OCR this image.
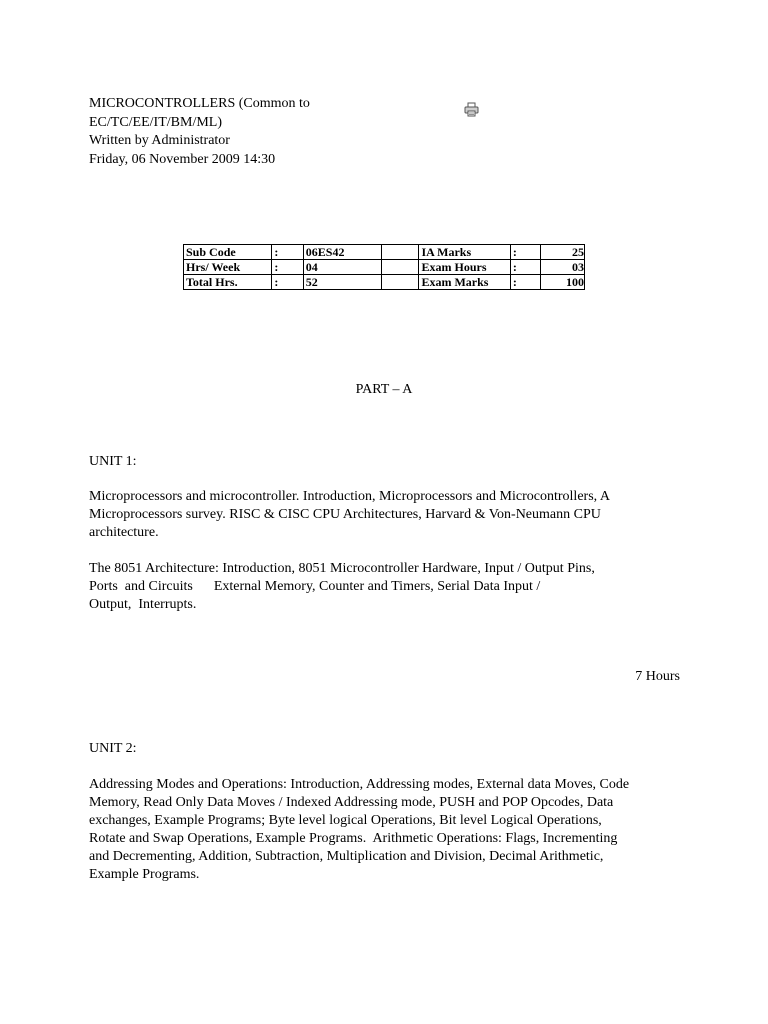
MICROCONTROLLERS (Common to
EC/TC/EE/IT/BM/ML)
Written by Administrator
Friday, 06 November 2009 14:30
Sub Code	:	06ES42		IA Marks	:	25
Hrs/ Week	:	04		Exam Hours	:	03
Total Hrs.	:	52		Exam Marks	:	100
PART – A
UNIT 1:
Microprocessors and microcontroller. Introduction, Microprocessors and Microcontrollers, A
Microprocessors survey. RISC & CISC CPU Architectures, Harvard & Von-Neumann CPU
architecture.
The 8051 Architecture: Introduction, 8051 Microcontroller Hardware, Input / Output Pins,
Ports  and Circuits      External Memory, Counter and Timers, Serial Data Input /
Output,  Interrupts.
7 Hours
UNIT 2:
Addressing Modes and Operations: Introduction, Addressing modes, External data Moves, Code
Memory, Read Only Data Moves / Indexed Addressing mode, PUSH and POP Opcodes, Data
exchanges, Example Programs; Byte level logical Operations, Bit level Logical Operations,
Rotate and Swap Operations, Example Programs.  Arithmetic Operations: Flags, Incrementing
and Decrementing, Addition, Subtraction, Multiplication and Division, Decimal Arithmetic,
Example Programs.
